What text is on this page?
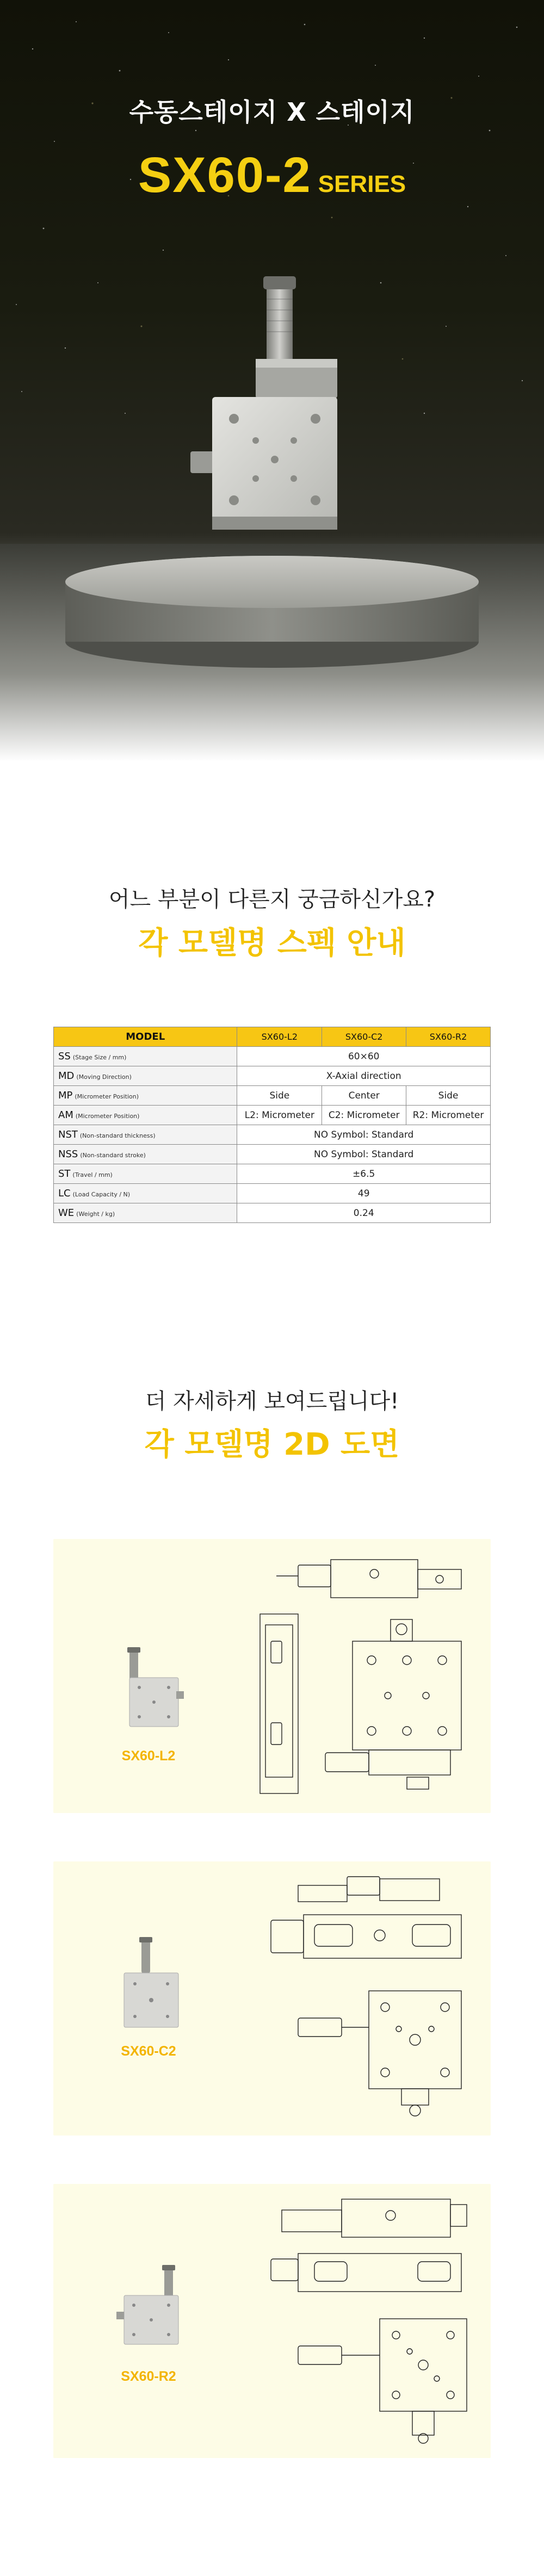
수동스테이지 X 스테이지
SX60-2 SERIES
어느 부분이 다른지 궁금하신가요?
각 모델명 스펙 안내
MODEL	SX60-L2	SX60-C2	SX60-R2
SS (Stage Size / mm)	60×60		
MD (Moving Direction)	X-Axial direction		
MP (Micrometer Position)	Side	Center	Side
AM (Micrometer Position)	L2: Micrometer	C2: Micrometer	R2: Micrometer
NST (Non-standard thickness)	NO Symbol: Standard		
NSS (Non-standard stroke)	NO Symbol: Standard		
ST (Travel / mm)	±6.5		
LC (Load Capacity / N)	49		
WE (Weight / kg)	0.24		
더 자세하게 보여드립니다!
각 모델명 2D 도면
SX60-L2
SX60-C2
SX60-R2
